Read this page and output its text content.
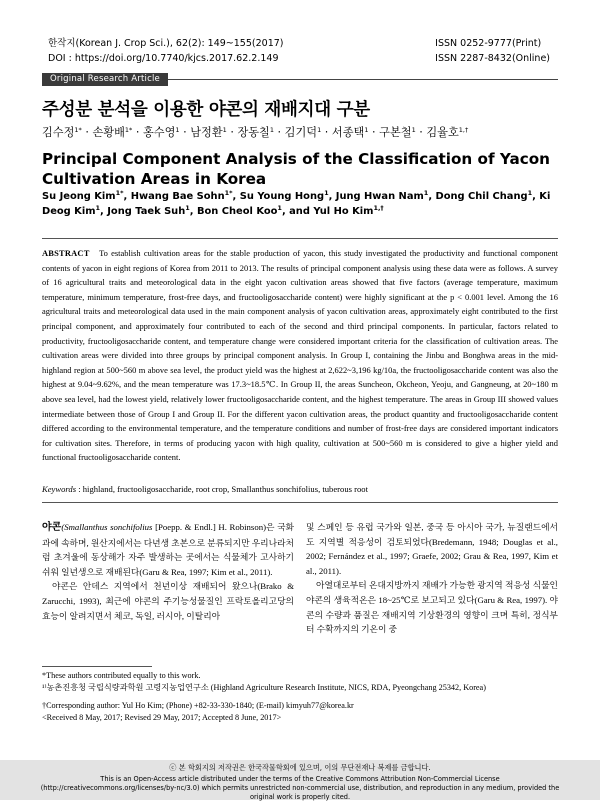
한작지(Korean J. Crop Sci.), 62(2): 149~155(2017)
DOI : https://doi.org/10.7740/kjcs.2017.62.2.149
ISSN 0252-9777(Print)
ISSN 2287-8432(Online)
Original Research Article
주성분 분석을 이용한 야콘의 재배지대 구분
김수정$^{1*}$ · 손황배$^{1*}$ · 홍수영$^1$ · 남정환$^1$ · 장동칠$^1$ · 김기덕$^1$ · 서종택$^1$ · 구본철$^1$ · 김율호$^{1,\dagger}$
Principal Component Analysis of the Classification of Yacon Cultivation Areas in Korea
Su Jeong Kim$^{1*}$, Hwang Bae Sohn$^{1*}$, Su Young Hong$^1$, Jung Hwan Nam$^1$, Dong Chil Chang$^1$, Ki Deog Kim$^1$, Jong Taek Suh$^1$, Bon Cheol Koo$^1$, and Yul Ho Kim$^{1,\dagger}$
ABSTRACT To establish cultivation areas for the stable production of yacon, this study investigated the productivity and functional component contents of yacon in eight regions of Korea from 2011 to 2013. The results of principal component analysis using these data were as follows. A survey of 16 agricultural traits and meteorological data in the eight yacon cultivation areas showed that five factors (average temperature, maximum temperature, minimum temperature, frost-free days, and fructooligosaccharide content) were highly significant at the p < 0.001 level. Among the 16 agricultural traits and meteorological data used in the main component analysis of yacon cultivation areas, approximately eight contributed to the first principal component, and approximately four contributed to each of the second and third principal components. In particular, factors related to productivity, fructooligosaccharide content, and temperature change were considered important criteria for the classification of cultivation areas. The cultivation areas were divided into three groups by principal component analysis. In Group I, containing the Jinbu and Bonghwa areas in the mid-highland region at 500~560 m above sea level, the product yield was the highest at 2,622~3,196 kg/10a, the fructooligosaccharide content was also the highest at 9.04~9.62%, and the mean temperature was 17.3~18.5℃. In Group II, the areas Suncheon, Okcheon, Yeoju, and Gangneung, at 20~180 m above sea level, had the lowest yield, relatively lower fructooligosaccharide content, and the highest temperature. The areas in Group III showed values intermediate between those of Group I and Group II. For the different yacon cultivation areas, the product quantity and fructooligosaccharide content differed according to the environmental temperature, and the temperature conditions and number of frost-free days are considered important indicators for cultivation sites. Therefore, in terms of producing yacon with high quality, cultivation at 500~560 m is considered to give a higher yield and functional fructooligosaccharide content.
Keywords : highland, fructooligosaccharide, root crop, Smallanthus sonchifolius, tuberous root

야콘(Smallanthus sonchifolius [Poepp. & Endl.] H. Robinson)은 국화과에 속하며, 원산지에서는 다년생 초본으로 분류되지만 우리나라처럼 초겨울에 동상해가 자주 발생하는 곳에서는 식물체가 고사하기 쉬워 일년생으로 재배된다(Garu & Rea, 1997; Kim et al., 2011).

야콘은 안데스 지역에서 천년이상 재배되어 왔으나(Brako & Zarucchi, 1993), 최근에 야콘의 주기능성물질인 프락토올리고당의 효능이 알려지면서 체코, 독일, 러시아, 이탈리아

및 스페인 등 유럽 국가와 일본, 중국 등 아시아 국가, 뉴질랜드에서도 지역별 적응성이 검토되었다(Bredemann, 1948; Douglas et al., 2002; Fernández et al., 1997; Graefe, 2002; Grau & Rea, 1997, Kim et al., 2011).

아열대로부터 온대지방까지 재배가 가능한 광지역 적응성 식물인 야콘의 생육적온은 18~25℃로 보고되고 있다(Garu & Rea, 1997). 야콘의 수량과 품질은 재배지역 기상환경의 영향이 크며 특히, 정식부터 수확까지의 기온이 중

*These authors contributed equally to this work.

¹⁾농촌진흥청 국립식량과학원 고령지농업연구소 (Highland Agriculture Research Institute, NICS, RDA, Pyeongchang 25342, Korea)

†Corresponding author: Yul Ho Kim; (Phone) +82-33-330-1840; (E-mail) kimyuh77@korea.kr

<Received 8 May, 2017; Revised 29 May, 2017; Accepted 8 June, 2017>

ⓒ 본 학회지의 저작권은 한국작물학회에 있으며, 이의 무단전재나 복제를 금합니다.
This is an Open-Access article distributed under the terms of the Creative Commons Attribution Non-Commercial License (http://creativecommons.org/licenses/by-nc/3.0) which permits unrestricted non-commercial use, distribution, and reproduction in any medium, provided the original work is properly cited.
